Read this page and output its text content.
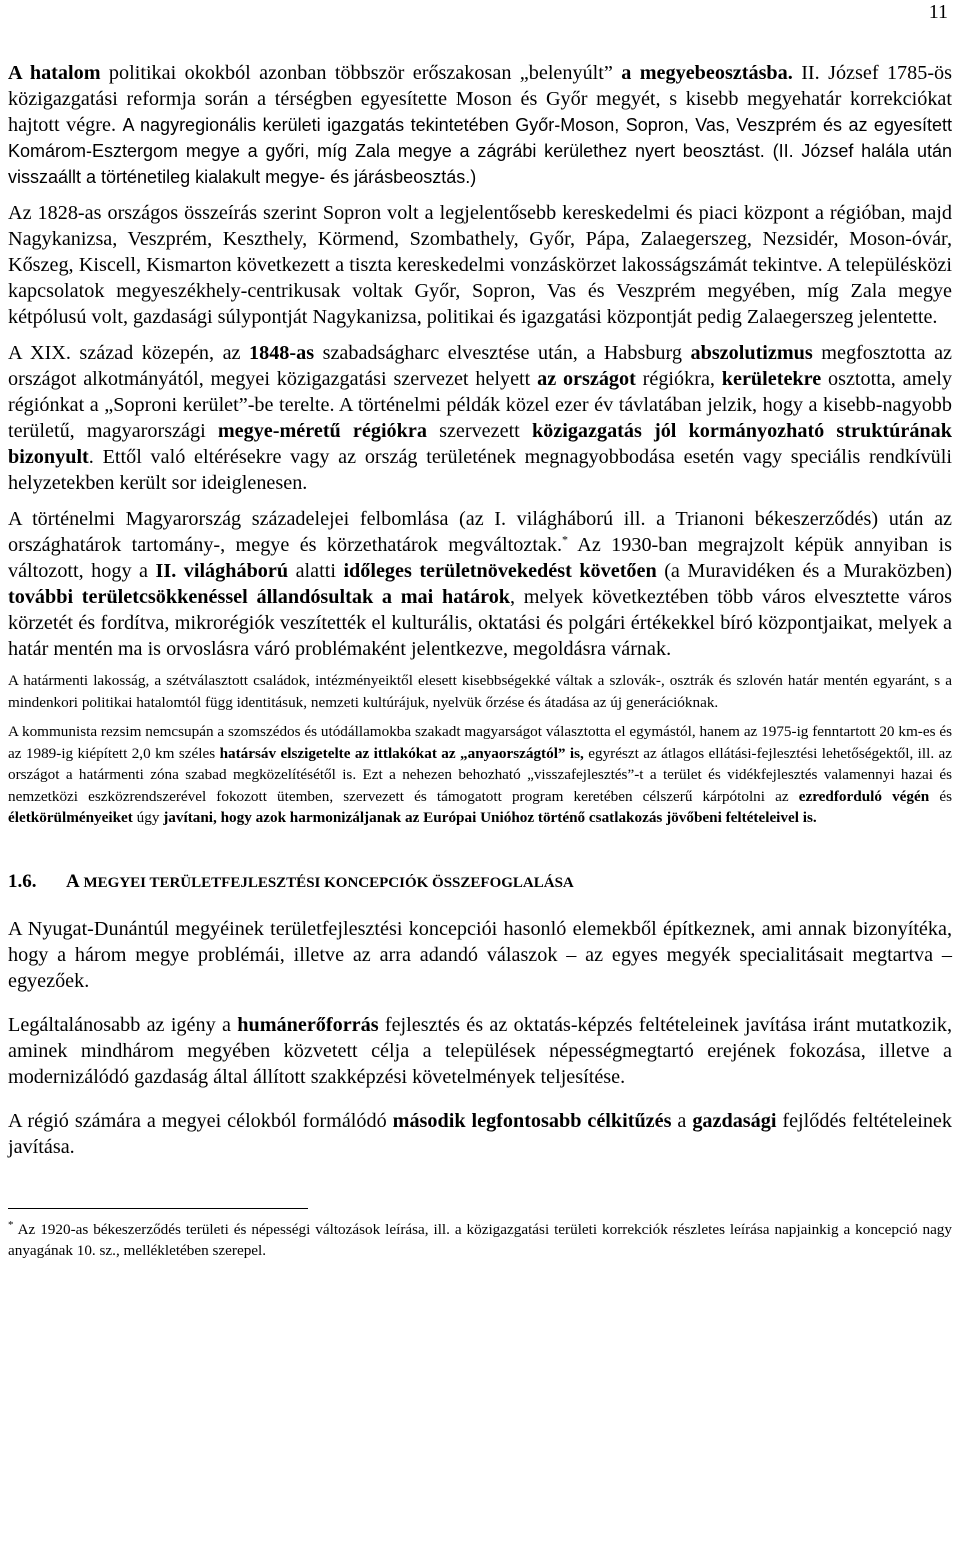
11

A hatalom politikai okokból azonban többször erőszakosan „belenyúlt” a megyebeosztásba. II. József 1785-ös közigazgatási reformja során a térségben egyesítette Moson és Győr megyét, s kisebb megyehatár korrekciókat hajtott végre. A nagyregionális kerületi igazgatás tekintetében Győr-Moson, Sopron, Vas, Veszprém és az egyesített Komárom-Esztergom megye a győri, míg Zala megye a zágrábi kerülethez nyert beosztást. (II. József halála után visszaállt a történetileg kialakult megye- és járásbeosztás.)

Az 1828-as országos összeírás szerint Sopron volt a legjelentősebb kereskedelmi és piaci központ a régióban, majd Nagykanizsa, Veszprém, Keszthely, Körmend, Szombathely, Győr, Pápa, Zalaegerszeg, Nezsidér, Moson-óvár, Kőszeg, Kiscell, Kismarton következett a tiszta kereskedelmi vonzáskörzet lakosságszámát tekintve. A településközi kapcsolatok megyeszékhely-centrikusak voltak Győr, Sopron, Vas és Veszprém megyében, míg Zala megye kétpólusú volt, gazdasági súlypontját Nagykanizsa, politikai és igazgatási központját pedig Zalaegerszeg jelentette.

A XIX. század közepén, az 1848-as szabadságharc elvesztése után, a Habsburg abszolutizmus megfosztotta az országot alkotmányától, megyei közigazgatási szervezet helyett az országot régiókra, kerületekre osztotta, amely régiónkat a „Soproni kerület”-be terelte. A történelmi példák közel ezer év távlatában jelzik, hogy a kisebb-nagyobb területű, magyarországi megye-méretű régiókra szervezett közigazgatás jól kormányozható struktúrának bizonyult. Ettől való eltérésekre vagy az ország területének megnagyobbodása esetén vagy speciális rendkívüli helyzetekben került sor ideiglenesen.

A történelmi Magyarország századelejei felbomlása (az I. világháború ill. a Trianoni békeszerződés) után az országhatárok tartomány-, megye és körzethatárok megváltoztak.* Az 1930-ban megrajzolt képük annyiban is változott, hogy a II. világháború alatti időleges területnövekedést követően (a Muravidéken és a Muraközben) további területcsökkenéssel állandósultak a mai határok, melyek következtében több város elvesztette város körzetét és fordítva, mikrorégiók veszítették el kulturális, oktatási és polgári értékekkel bíró központjaikat, melyek a határ mentén ma is orvoslásra váró problémaként jelentkezve, megoldásra várnak.

A határmenti lakosság, a szétválasztott családok, intézményeiktől elesett kisebbségekké váltak a szlovák-, osztrák és szlovén határ mentén egyaránt, s a mindenkori politikai hatalomtól függ identitásuk, nemzeti kultúrájuk, nyelvük őrzése és átadása az új generációknak.

A kommunista rezsim nemcsupán a szomszédos és utódállamokba szakadt magyarságot választotta el egymástól, hanem az 1975-ig fenntartott 20 km-es és az 1989-ig kiépített 2,0 km széles határsáv elszigetelte az ittlakókat az „anyaországtól” is, egyrészt az átlagos ellátási-fejlesztési lehetőségektől, ill. az országot a határmenti zóna szabad megközelítésétől is. Ezt a nehezen behozható „visszafejlesztés”-t a terület és vidékfejlesztés valamennyi hazai és nemzetközi eszközrendszerével fokozott ütemben, szervezett és támogatott program keretében célszerű kárpótolni az ezredforduló végén és életkörülményeiket úgy javítani, hogy azok harmonizáljanak az Európai Unióhoz történő csatlakozás jövőbeni feltételeivel is.

1.6.	A MEGYEI TERÜLETFEJLESZTÉSI KONCEPCIÓK ÖSSZEFOGLALÁSA

A Nyugat-Dunántúl megyéinek területfejlesztési koncepciói hasonló elemekből építkeznek, ami annak bizonyítéka, hogy a három megye problémái, illetve az arra adandó válaszok – az egyes megyék specialitásait megtartva – egyezőek.

Legáltalánosabb az igény a humánerőforrás fejlesztés és az oktatás-képzés feltételeinek javítása iránt mutatkozik, aminek mindhárom megyében közvetett célja a települések népességmegtartó erejének fokozása, illetve a modernizálódó gazdaság által állított szakképzési követelmények teljesítése.

A régió számára a megyei célokból formálódó második legfontosabb célkitűzés a gazdasági fejlődés feltételeinek javítása.

* Az 1920-as békeszerződés területi és népességi változások leírása, ill. a közigazgatási területi korrekciók részletes leírása napjainkig a koncepció nagy anyagának 10. sz., mellékletében szerepel.
